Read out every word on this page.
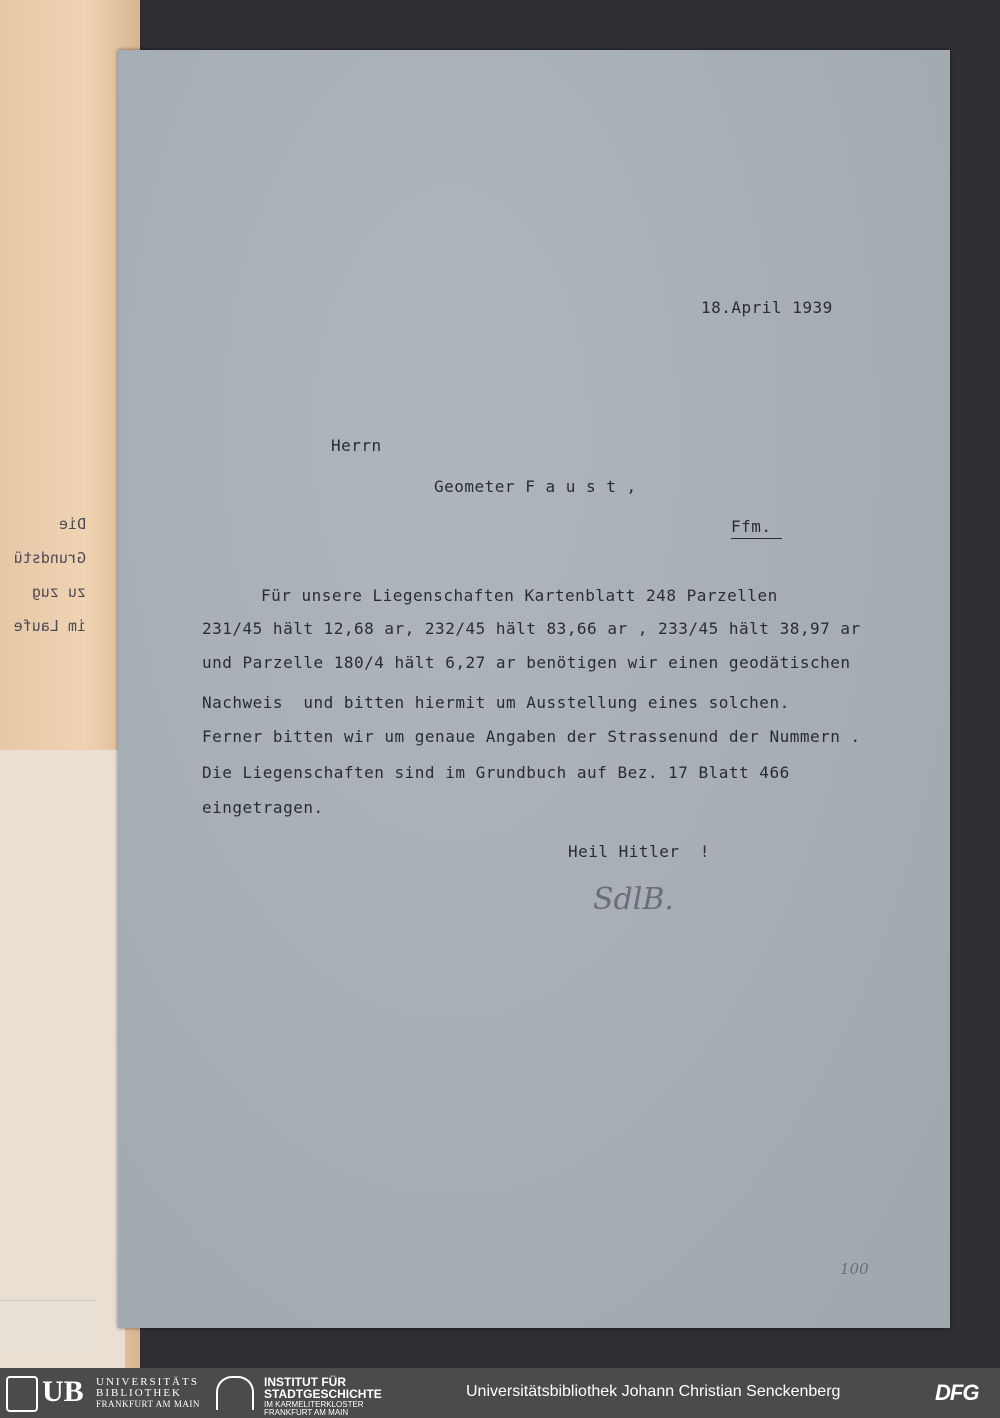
Die
Grundstü
zu zug
im Laufe
18.April 1939
Herrn
Geometer F a u s t ,
Ffm.
Für unsere Liegenschaften Kartenblatt 248 Parzellen
231/45 hält 12,68 ar, 232/45 hält 83,66 ar , 233/45 hält 38,97 ar
und Parzelle 180/4 hält 6,27 ar benötigen wir einen geodätischen
Nachweis  und bitten hiermit um Ausstellung eines solchen.
Ferner bitten wir um genaue Angaben der Strassenund der Nummern .
Die Liegenschaften sind im Grundbuch auf Bez. 17 Blatt 466
eingetragen.
Heil Hitler  !
SdlB.
100
UB UNIVERSITÄTS
BIBLIOTHEK
FRANKFURT AM MAIN
INSTITUT FÜR
STADTGESCHICHTE
IM KARMELITERKLOSTER
FRANKFURT AM MAIN
Universitätsbibliothek Johann Christian Senckenberg	DFG
